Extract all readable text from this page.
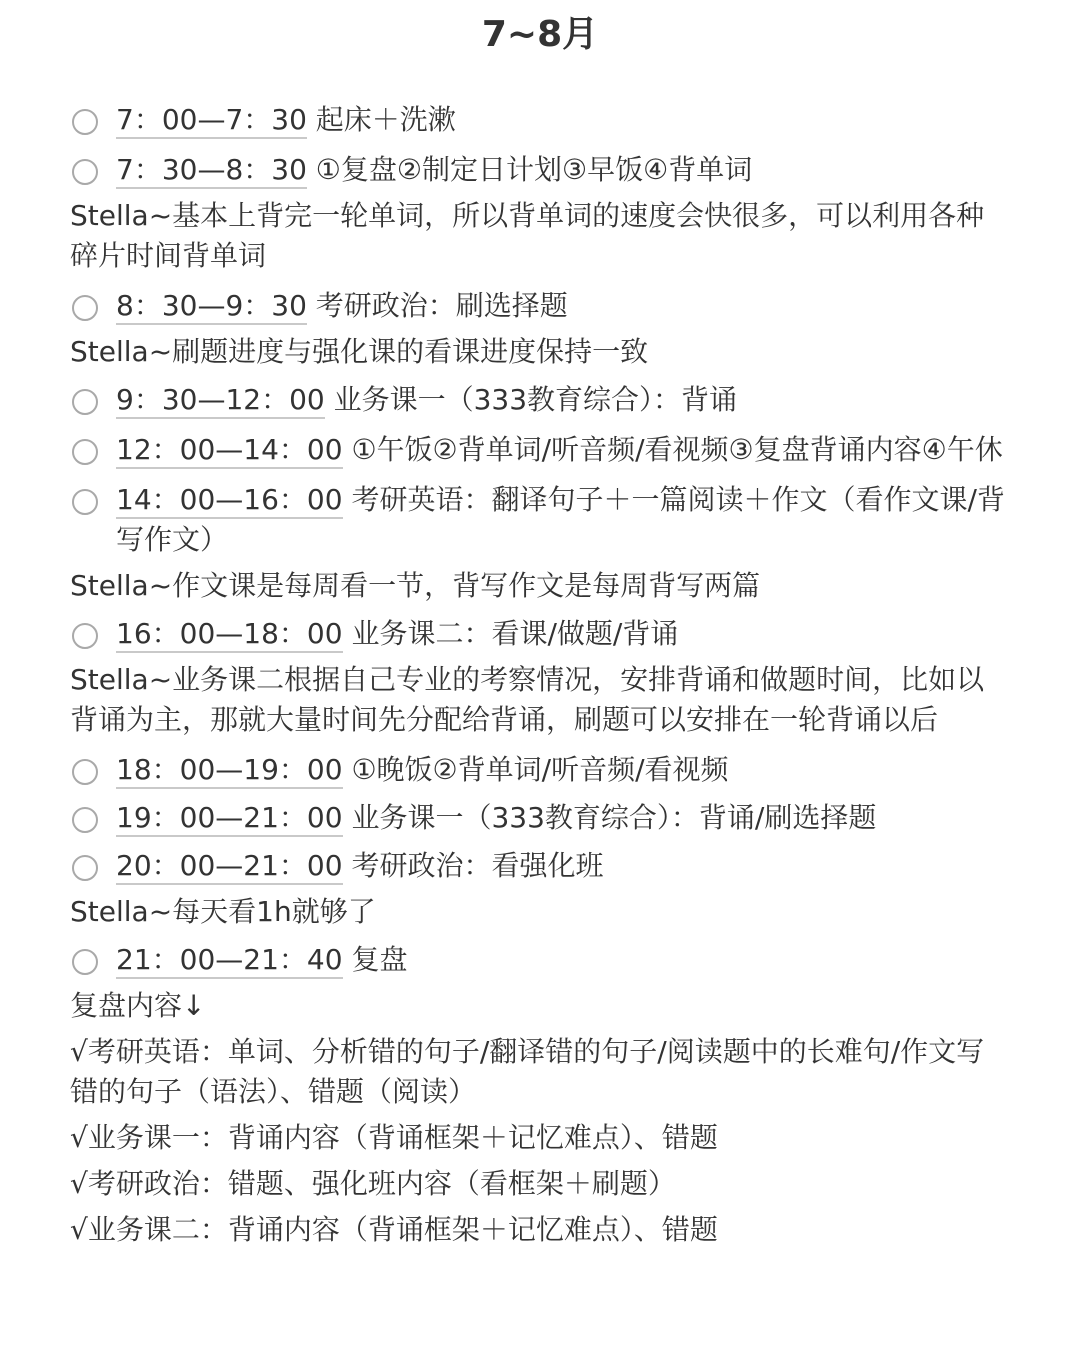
7~8月
7：00—7：30 起床＋洗漱
7：30—8：30 ①复盘②制定日计划③早饭④背单词
Stella~基本上背完一轮单词，所以背单词的速度会快很多，可以利用各种碎片时间背单词
8：30—9：30 考研政治：刷选择题
Stella~刷题进度与强化课的看课进度保持一致
9：30—12：00 业务课一（333教育综合）：背诵
12：00—14：00 ①午饭②背单词/听音频/看视频③复盘背诵内容④午休
14：00—16：00 考研英语：翻译句子＋一篇阅读＋作文（看作文课/背写作文）
Stella~作文课是每周看一节，背写作文是每周背写两篇
16：00—18：00 业务课二：看课/做题/背诵
Stella~业务课二根据自己专业的考察情况，安排背诵和做题时间，比如以背诵为主，那就大量时间先分配给背诵，刷题可以安排在一轮背诵以后
18：00—19：00 ①晚饭②背单词/听音频/看视频
19：00—21：00 业务课一（333教育综合）：背诵/刷选择题
20：00—21：00 考研政治：看强化班
Stella~每天看1h就够了
21：00—21：40 复盘
复盘内容↓
√考研英语：单词、分析错的句子/翻译错的句子/阅读题中的长难句/作文写错的句子（语法）、错题（阅读）
√业务课一：背诵内容（背诵框架＋记忆难点）、错题
√考研政治：错题、强化班内容（看框架＋刷题）
√业务课二：背诵内容（背诵框架＋记忆难点）、错题
